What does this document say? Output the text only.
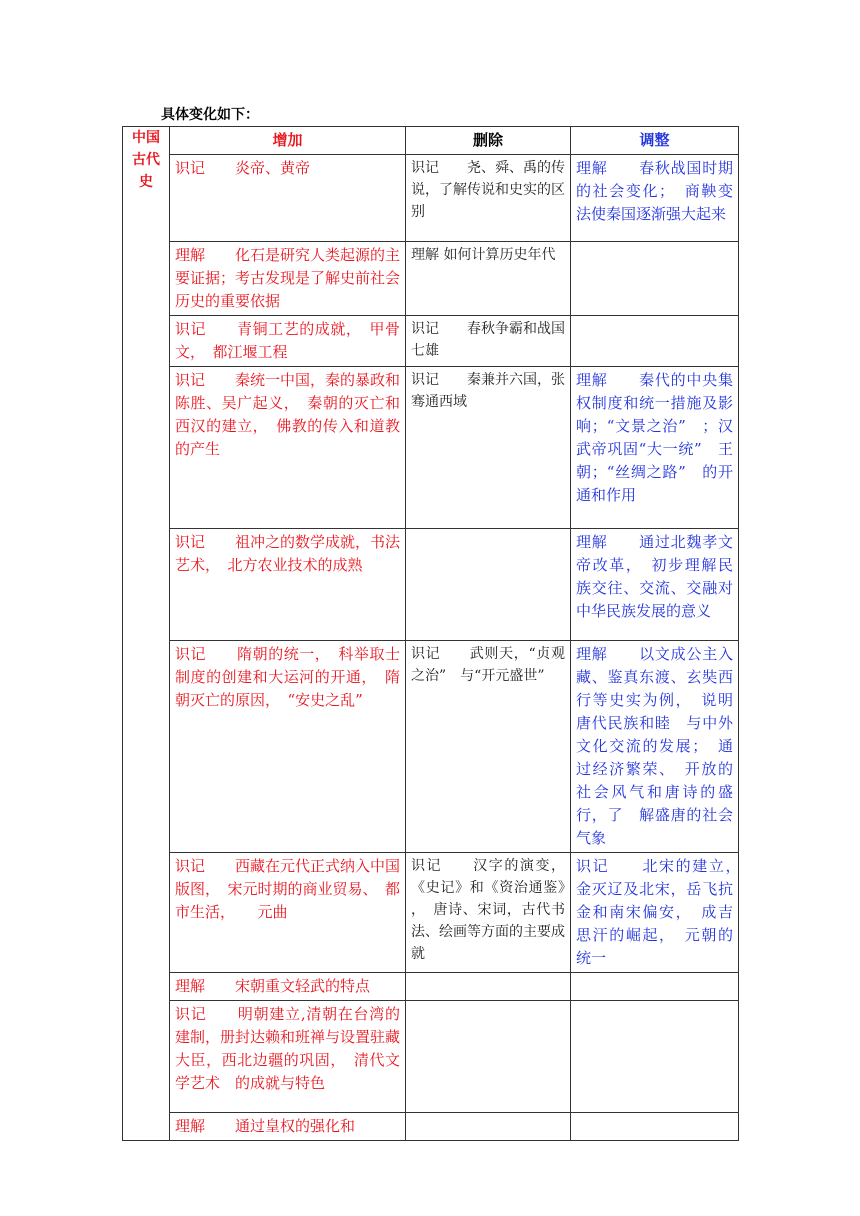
具体变化如下：
中国古代史	增加	删除	调整
	识记　　炎帝、黄帝	识记　　尧、舜、禹的传说，了解传说和史实的区别	理解　　春秋战国时期的社会变化；　商鞅变法使秦国逐渐强大起来
	理解　　化石是研究人类起源的主要证据；考古发现是了解史前社会历史的重要依据	理解 如何计算历史年代	
	识记　　青铜工艺的成就，　甲骨文，　都江堰工程	识记　　春秋争霸和战国七雄	
	识记　　秦统一中国，秦的暴政和陈胜、吴广起义，　秦朝的灭亡和西汉的建立，　佛教的传入和道教的产生	识记　　秦兼并六国，张骞通西域	理解　　秦代的中央集权制度和统一措施及影响；“文景之治”　；汉武帝巩固“大一统”　王朝；“丝绸之路”　的开通和作用
	识记　　祖冲之的数学成就，书法艺术，　北方农业技术的成熟		理解　　通过北魏孝文帝改革，　初步理解民族交往、交流、交融对中华民族发展的意义
	识记　　隋朝的统一，　科举取士制度的创建和大运河的开通，　隋朝灭亡的原因，　“安史之乱”	识记　　武则天，“贞观之治”　与“开元盛世”	理解　　以文成公主入藏、鉴真东渡、玄奘西行等史实为例，　说明唐代民族和睦　与中外文化交流的发展；　通过经济繁荣、　开放的社会风气和唐诗的盛行，了　解盛唐的社会气象
	识记　　西藏在元代正式纳入中国版图，　宋元时期的商业贸易、　都市生活，　　元曲	识记　　汉字的演变，《史记》和《资治通鉴》　，　唐诗、宋词，古代书法、绘画等方面的主要成就	识记　　北宋的建立，　金灭辽及北宋，岳飞抗金和南宋偏安，　成吉思汗的崛起，　元朝的统一
	理解　　宋朝重文轻武的特点		
	识记　　明朝建立,清朝在台湾的建制，册封达赖和班禅与设置驻藏大臣，西北边疆的巩固，　清代文学艺术　的成就与特色		
	理解　　通过皇权的强化和		
